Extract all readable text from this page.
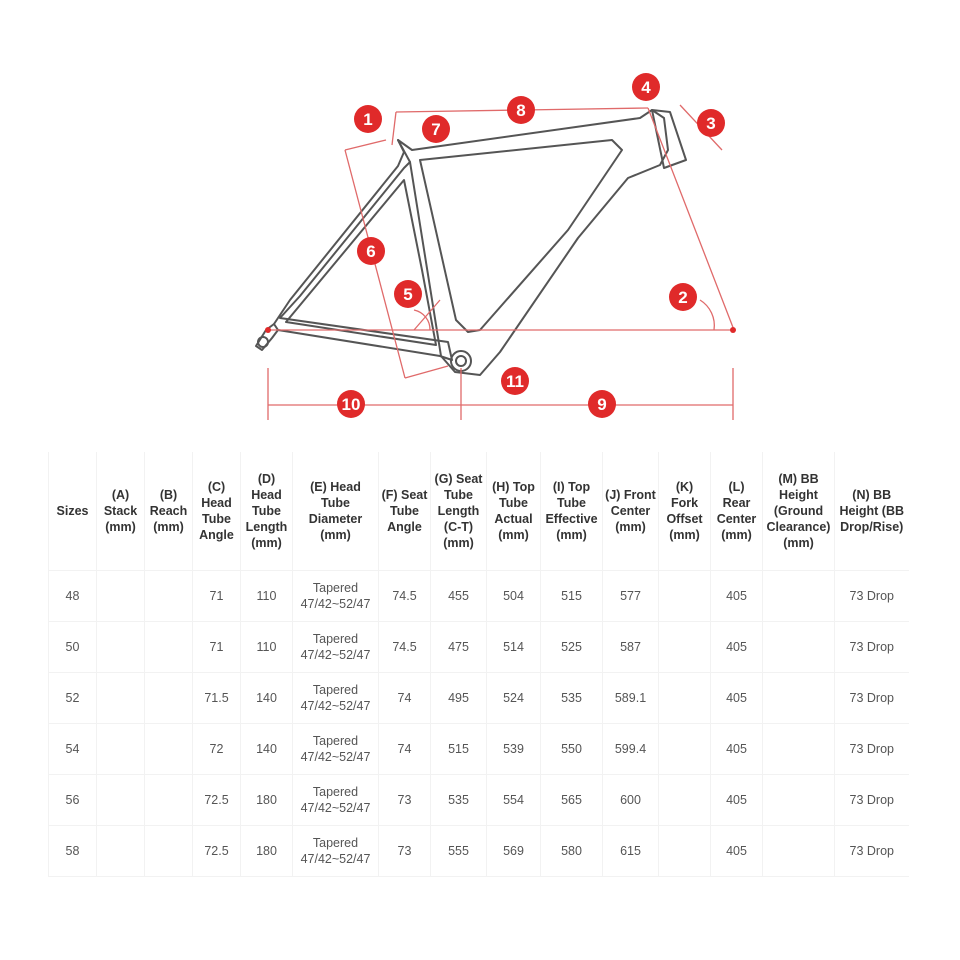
1
2
3
4
5
6
7
8
9
10
11
Sizes	(A) Stack (mm)	(B) Reach (mm)	(C) Head Tube Angle	(D) Head Tube Length (mm)	(E) Head Tube Diameter (mm)	(F) Seat Tube Angle	(G) Seat Tube Length (C-T) (mm)	(H) Top Tube Actual (mm)	(I) Top Tube Effective (mm)	(J) Front Center (mm)	(K) Fork Offset (mm)	(L) Rear Center (mm)	(M) BB Height (Ground Clearance) (mm)	(N) BB Height (BB Drop/Rise)
48			71	110	Tapered 47/42~52/47	74.5	455	504	515	577		405		73 Drop
50			71	110	Tapered 47/42~52/47	74.5	475	514	525	587		405		73 Drop
52			71.5	140	Tapered 47/42~52/47	74	495	524	535	589.1		405		73 Drop
54			72	140	Tapered 47/42~52/47	74	515	539	550	599.4		405		73 Drop
56			72.5	180	Tapered 47/42~52/47	73	535	554	565	600		405		73 Drop
58			72.5	180	Tapered 47/42~52/47	73	555	569	580	615		405		73 Drop
